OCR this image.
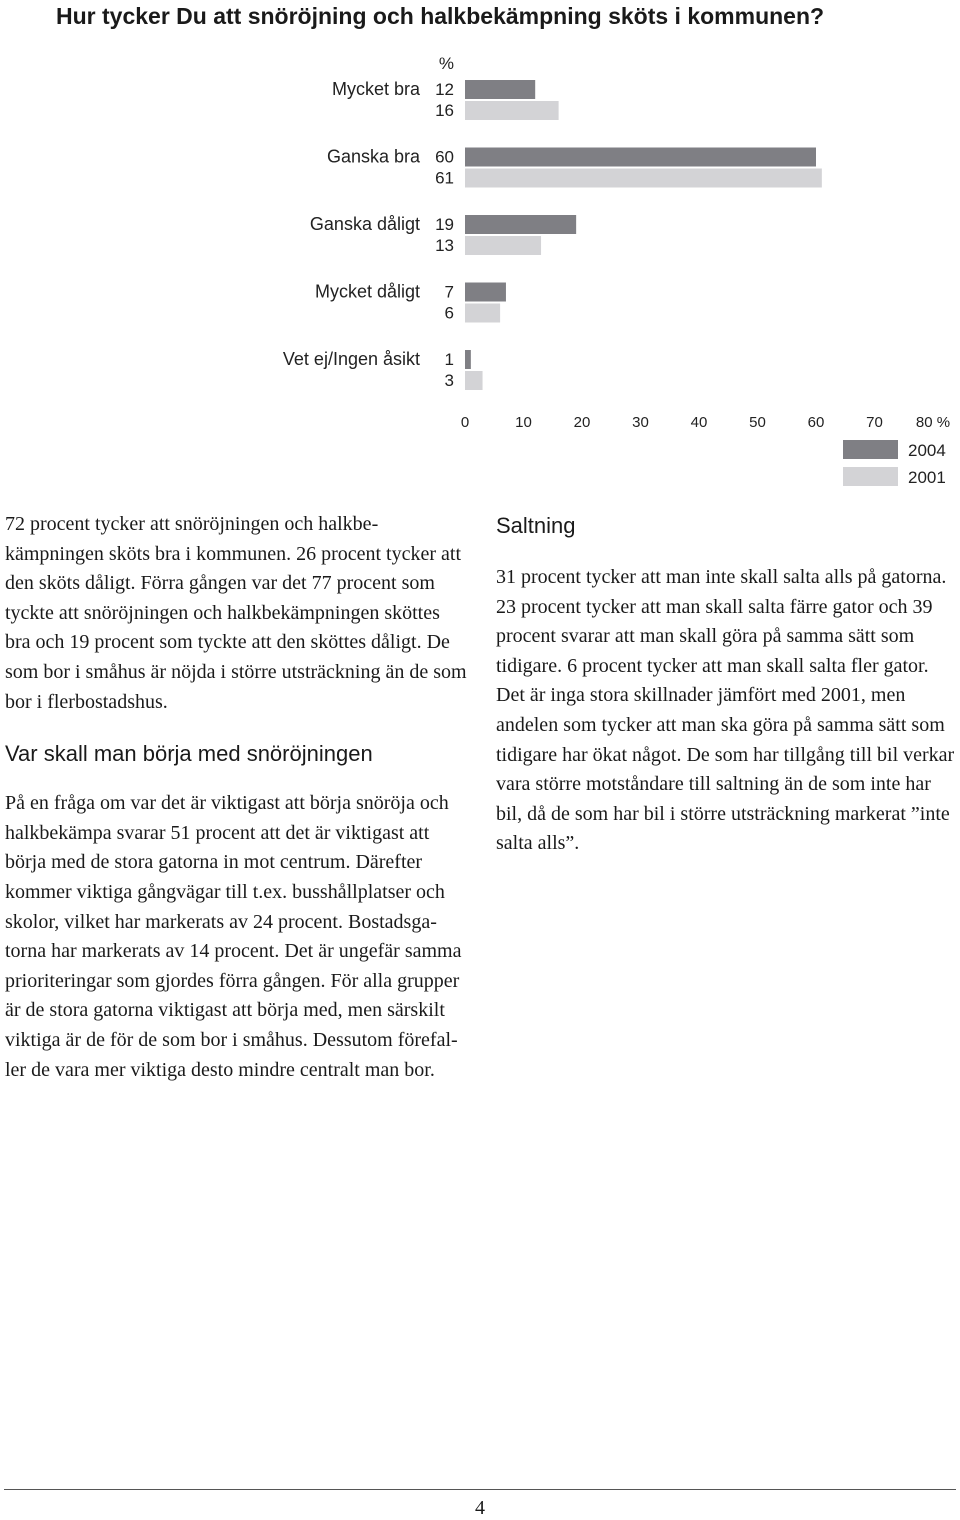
Hur tycker Du att snöröjning och halkbekämpning sköts i kommunen?
%
Mycket bra 12
16
Ganska bra 60
61
Ganska dåligt 19
13
Mycket dåligt 7
6
Vet ej/Ingen åsikt 1
3
0	10	20	30	40	50	60	70 80 %
2004
2001

72 procent tycker att snöröjningen och halkbekämpningen sköts bra i kommunen. 26 procent tycker att den sköts dåligt. Förra gången var det 77 procent som tyckte att snöröjningen och halkbekämpningen sköttes bra och 19 procent som tyckte att den sköttes dåligt. De som bor i småhus är nöjda i större utsträckning än de som bor i flerbostadshus.

Var skall man börja med snöröjningen

På en fråga om var det är viktigast att börja snöröja och halkbekämpa svarar 51 procent att det är viktigast att börja med de stora gatorna in mot centrum. Därefter kommer viktiga gångvägar till t.ex. busshållplatser och skolor, vilket har markerats av 24 procent. Bostadsgatorna har markerats av 14 procent. Det är ungefär samma prioriteringar som gjordes förra gången. För alla grupper är de stora gatorna viktigast att börja med, men särskilt viktiga är de för de som bor i småhus. Dessutom förefaller de vara mer viktiga desto mindre centralt man bor.

Saltning

31 procent tycker att man inte skall salta alls på gatorna. 23 procent tycker att man skall salta färre gator och 39 procent svarar att man skall göra på samma sätt som tidigare. 6 procent tycker att man skall salta fler gator. Det är inga stora skillnader jämfört med 2001, men andelen som tycker att man ska göra på samma sätt som tidigare har ökat något. De som har tillgång till bil verkar vara större motståndare till saltning än de som inte har bil, då de som har bil i större utsträckning markerat ”inte salta alls”.

4
